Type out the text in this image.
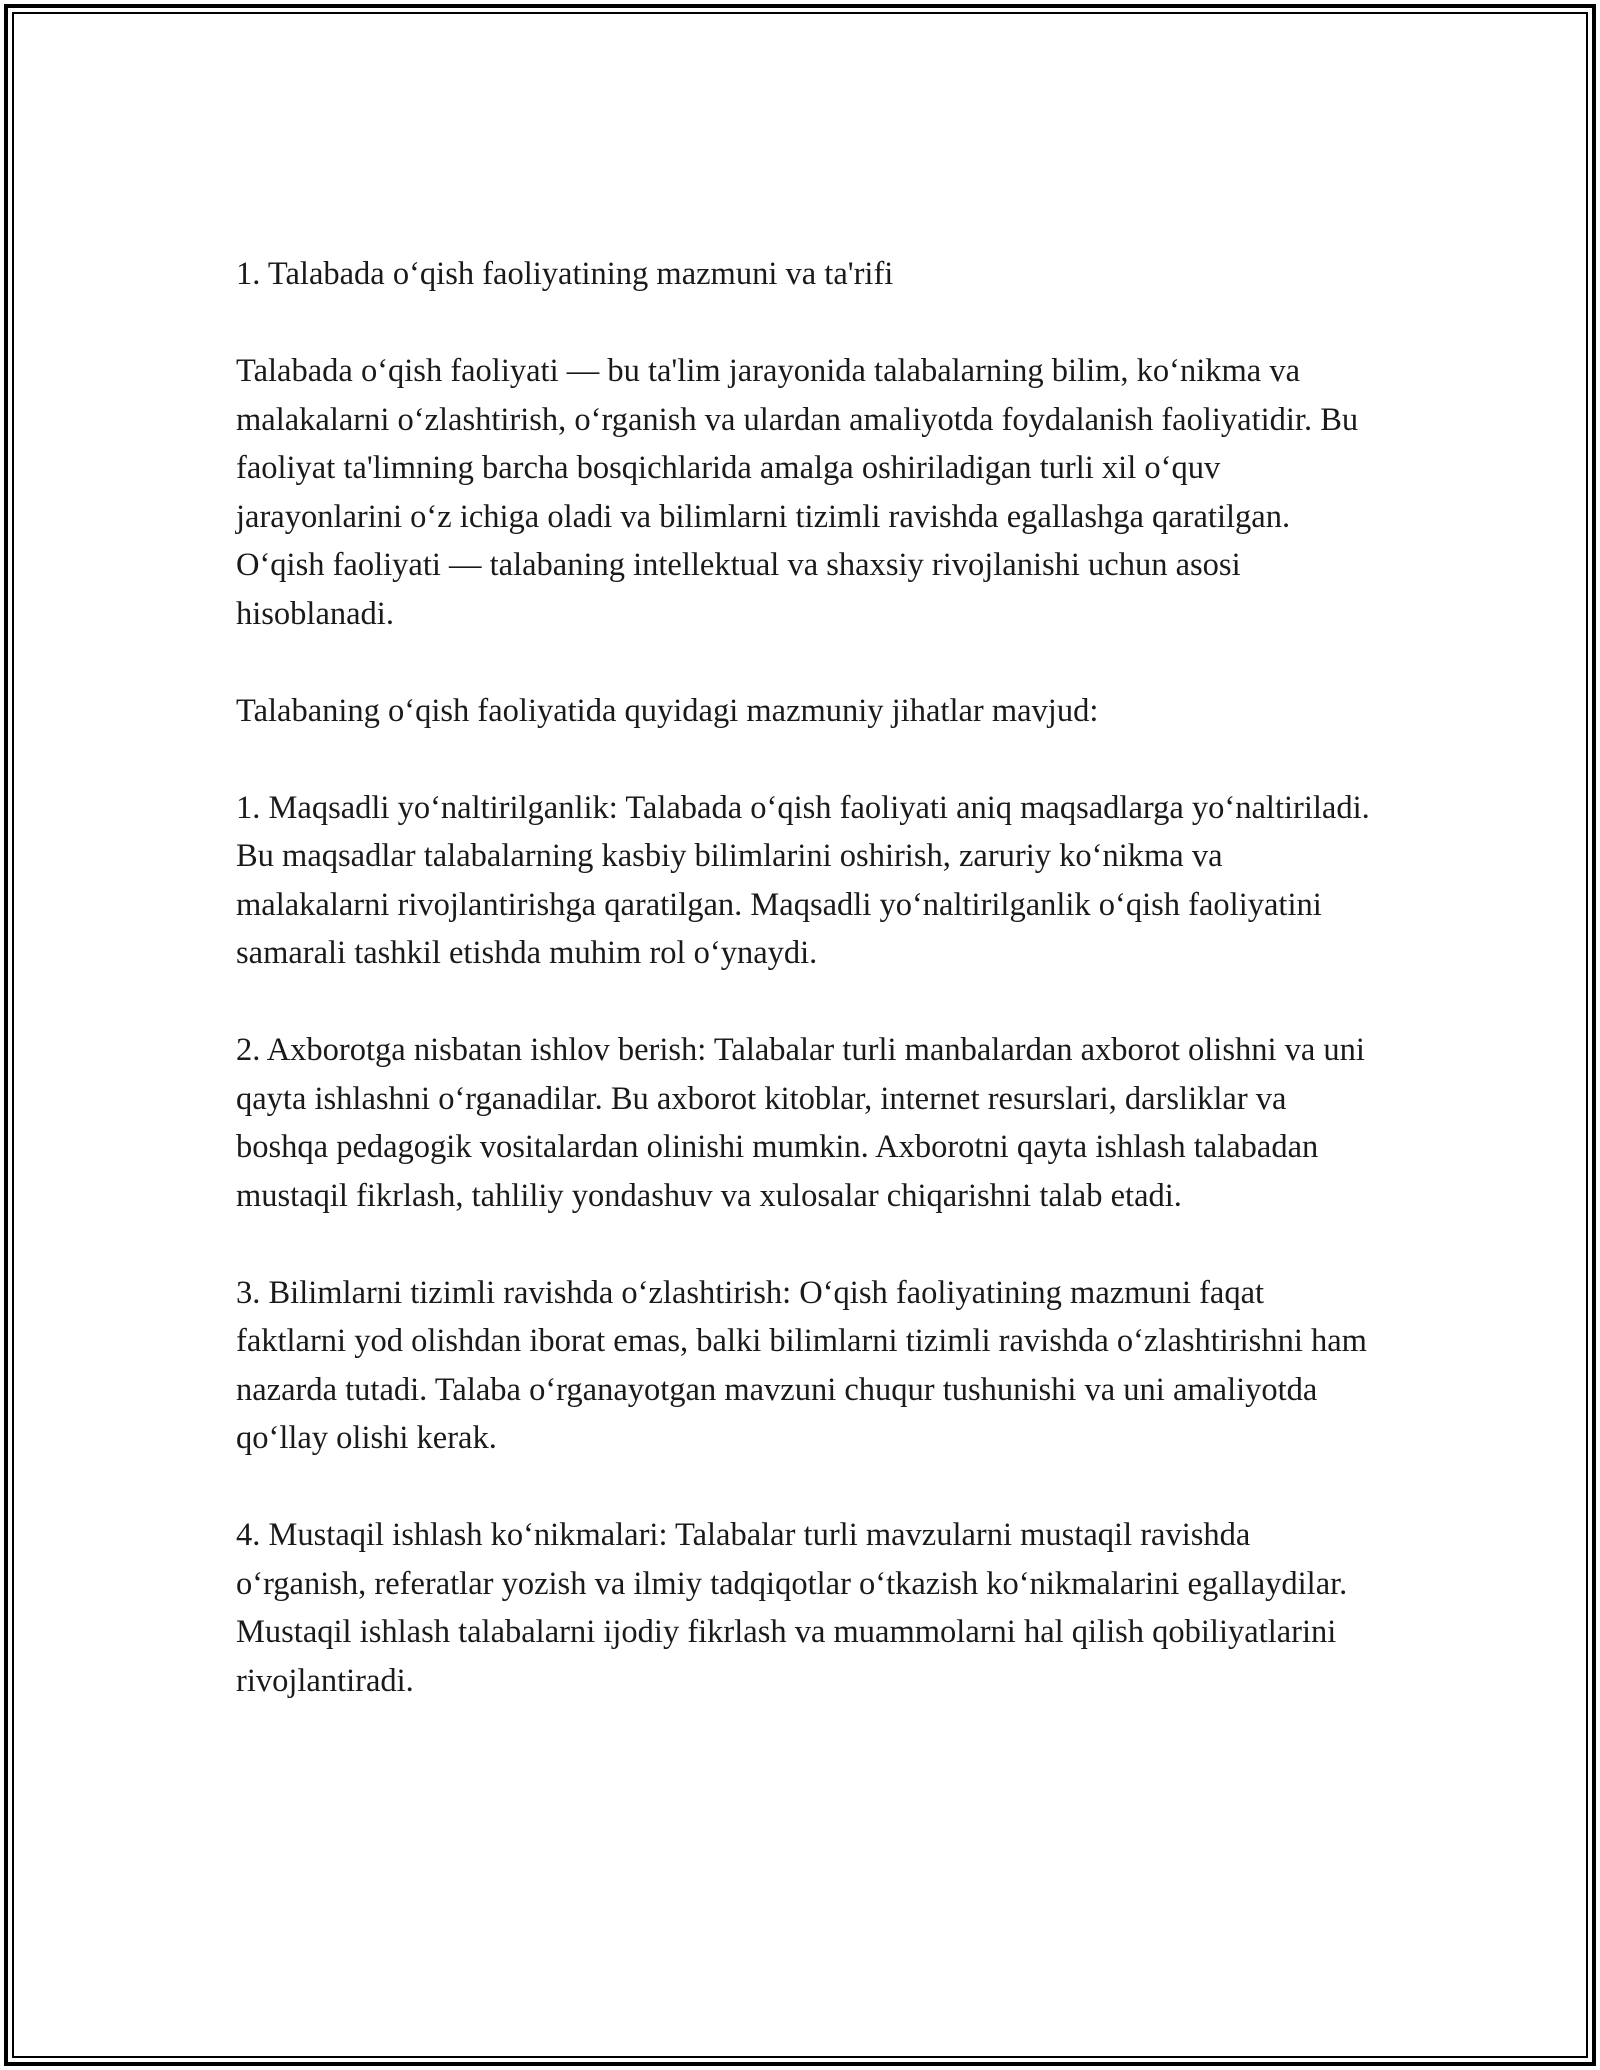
1. Talabada o‘qish faoliyatining mazmuni va ta'rifi

Talabada o‘qish faoliyati — bu ta'lim jarayonida talabalarning bilim, ko‘nikma va malakalarni o‘zlashtirish, o‘rganish va ulardan amaliyotda foydalanish faoliyatidir. Bu faoliyat ta'limning barcha bosqichlarida amalga oshiriladigan turli xil o‘quv jarayonlarini o‘z ichiga oladi va bilimlarni tizimli ravishda egallashga qaratilgan. O‘qish faoliyati — talabaning intellektual va shaxsiy rivojlanishi uchun asosi hisoblanadi.

Talabaning o‘qish faoliyatida quyidagi mazmuniy jihatlar mavjud:

1. Maqsadli yo‘naltirilganlik: Talabada o‘qish faoliyati aniq maqsadlarga yo‘naltiriladi. Bu maqsadlar talabalarning kasbiy bilimlarini oshirish, zaruriy ko‘nikma va malakalarni rivojlantirishga qaratilgan. Maqsadli yo‘naltirilganlik o‘qish faoliyatini samarali tashkil etishda muhim rol o‘ynaydi.

2. Axborotga nisbatan ishlov berish: Talabalar turli manbalardan axborot olishni va uni qayta ishlashni o‘rganadilar. Bu axborot kitoblar, internet resurslari, darsliklar va boshqa pedagogik vositalardan olinishi mumkin. Axborotni qayta ishlash talabadan mustaqil fikrlash, tahliliy yondashuv va xulosalar chiqarishni talab etadi.

3. Bilimlarni tizimli ravishda o‘zlashtirish: O‘qish faoliyatining mazmuni faqat faktlarni yod olishdan iborat emas, balki bilimlarni tizimli ravishda o‘zlashtirishni ham nazarda tutadi. Talaba o‘rganayotgan mavzuni chuqur tushunishi va uni amaliyotda qo‘llay olishi kerak.

4. Mustaqil ishlash ko‘nikmalari: Talabalar turli mavzularni mustaqil ravishda o‘rganish, referatlar yozish va ilmiy tadqiqotlar o‘tkazish ko‘nikmalarini egallaydilar. Mustaqil ishlash talabalarni ijodiy fikrlash va muammolarni hal qilish qobiliyatlarini rivojlantiradi.
